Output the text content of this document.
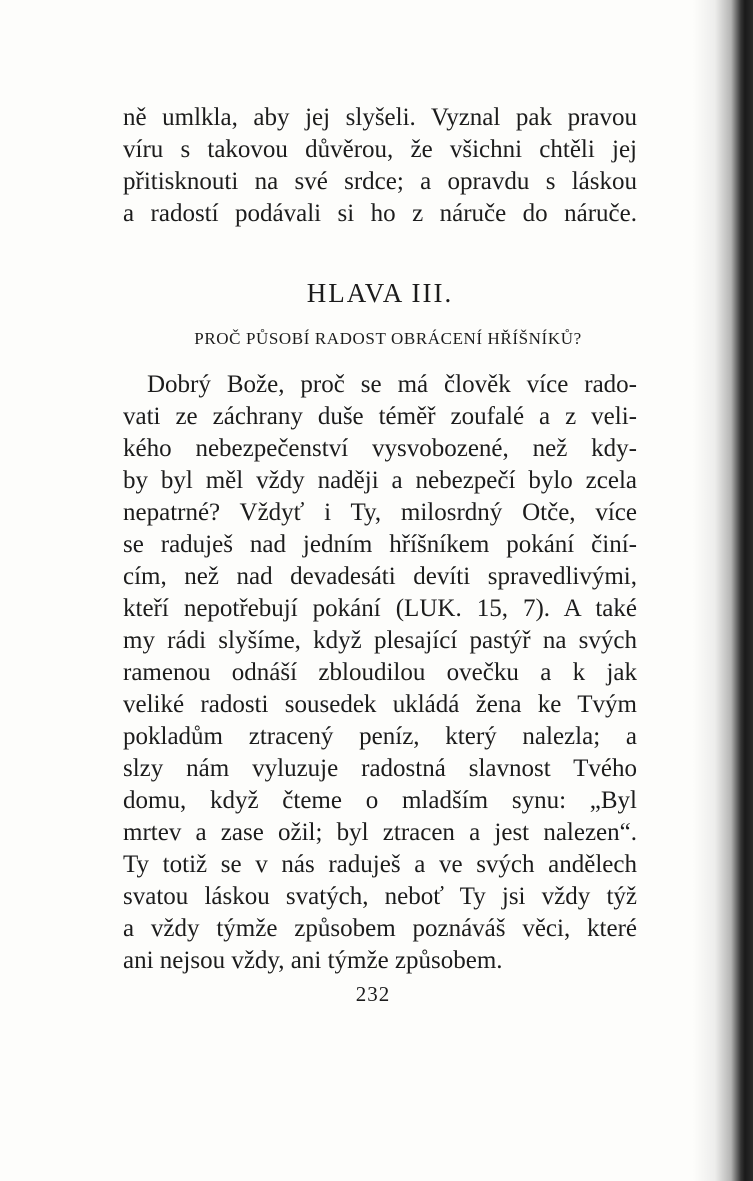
ně umlkla, aby jej slyšeli. Vyznal pak pravou
víru s takovou důvěrou, že všichni chtěli jej
přitisknouti na své srdce; a opravdu s láskou
a radostí podávali si ho z náruče do náruče.
HLAVA III.
PROČ PŮSOBÍ RADOST OBRÁCENÍ HŘÍŠNÍKŮ?
Dobrý Bože, proč se má člověk více rado-
vati ze záchrany duše téměř zoufalé a z veli-
kého nebezpečenství vysvobozené, než kdy-
by byl měl vždy naději a nebezpečí bylo zcela
nepatrné? Vždyť i Ty, milosrdný Otče, více
se raduješ nad jedním hříšníkem pokání činí-
cím, než nad devadesáti devíti spravedlivými,
kteří nepotřebují pokání (LUK. 15, 7). A také
my rádi slyšíme, když plesající pastýř na svých
ramenou odnáší zbloudilou ovečku a k jak
veliké radosti sousedek ukládá žena ke Tvým
pokladům ztracený peníz, který nalezla; a
slzy nám vyluzuje radostná slavnost Tvého
domu, když čteme o mladším synu: „Byl
mrtev a zase ožil; byl ztracen a jest nalezen“.
Ty totiž se v nás raduješ a ve svých andělech
svatou láskou svatých, neboť Ty jsi vždy týž
a vždy týmže způsobem poznáváš věci, které
ani nejsou vždy, ani týmže způsobem.
232
